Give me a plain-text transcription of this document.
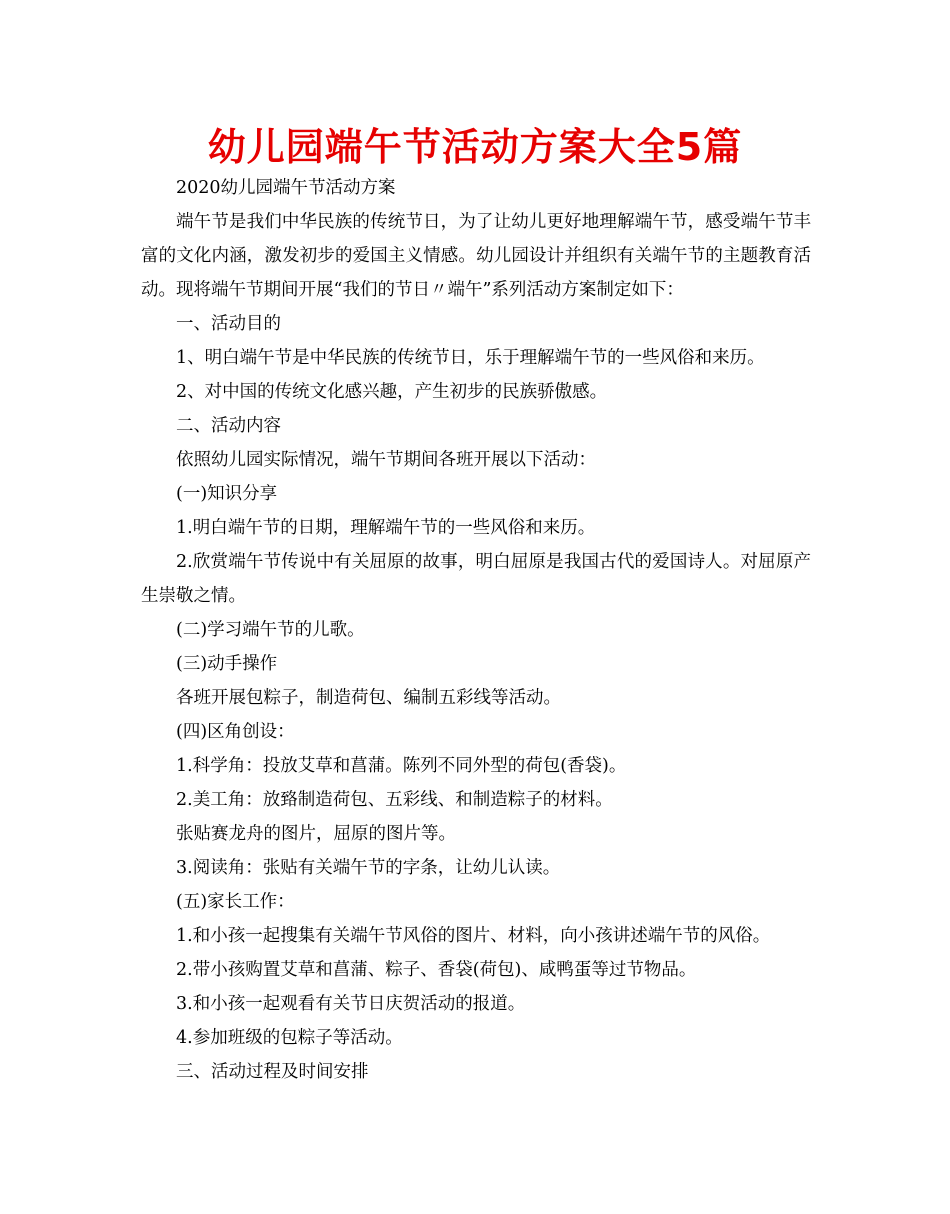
幼儿园端午节活动方案大全5篇

2020幼儿园端午节活动方案

端午节是我们中华民族的传统节日，为了让幼儿更好地理解端午节，感受端午节丰富的文化内涵，激发初步的爱国主义情感。幼儿园设计并组织有关端午节的主题教育活动。现将端午节期间开展“我们的节日〃端午”系列活动方案制定如下：

一、活动目的

1、明白端午节是中华民族的传统节日，乐于理解端午节的一些风俗和来历。

2、对中国的传统文化感兴趣，产生初步的民族骄傲感。

二、活动内容

依照幼儿园实际情况，端午节期间各班开展以下活动：

(一)知识分享

1.明白端午节的日期，理解端午节的一些风俗和来历。

2.欣赏端午节传说中有关屈原的故事，明白屈原是我国古代的爱国诗人。对屈原产生崇敬之情。

(二)学习端午节的儿歌。

(三)动手操作

各班开展包粽子，制造荷包、编制五彩线等活动。

(四)区角创设：

1.科学角：投放艾草和菖蒲。陈列不同外型的荷包(香袋)。

2.美工角：放臵制造荷包、五彩线、和制造粽子的材料。

张贴赛龙舟的图片，屈原的图片等。

3.阅读角：张贴有关端午节的字条，让幼儿认读。

(五)家长工作：

1.和小孩一起搜集有关端午节风俗的图片、材料，向小孩讲述端午节的风俗。

2.带小孩购置艾草和菖蒲、粽子、香袋(荷包)、咸鸭蛋等过节物品。

3.和小孩一起观看有关节日庆贺活动的报道。

4.参加班级的包粽子等活动。

三、活动过程及时间安排
